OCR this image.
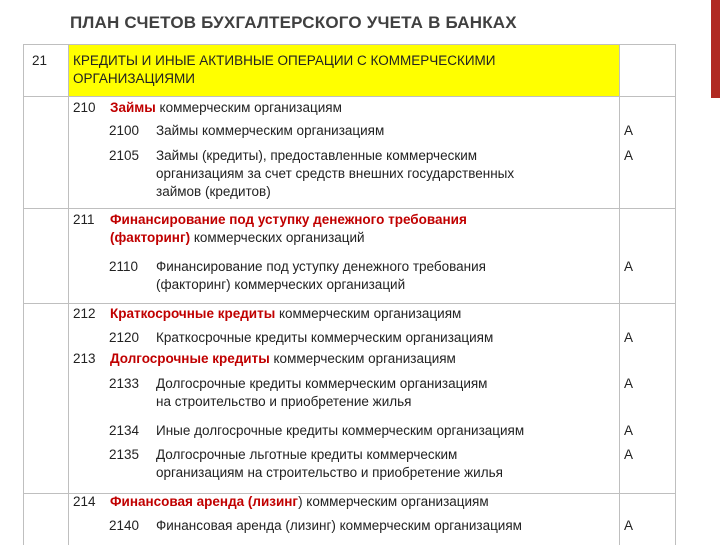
ПЛАН СЧЕТОВ БУХГАЛТЕРСКОГО УЧЕТА В БАНКАХ
21 КРЕДИТЫ И ИНЫЕ АКТИВНЫЕ ОПЕРАЦИИ С КОММЕРЧЕСКИМИ
ОРГАНИЗАЦИЯМИ
210 Займы коммерческим организациям
2100 Займы коммерческим организациям	А
2105 Займы (кредиты), предоставленные коммерческим
организациям за счет средств внешних государственных
займов (кредитов)
А
211 Финансирование под уступку денежного требования
(факторинг) коммерческих организаций
2110 Финансирование под уступку денежного требования
(факторинг) коммерческих организаций
А
212 Краткосрочные кредиты коммерческим организациям
2120 Краткосрочные кредиты коммерческим организациям	А
213 Долгосрочные кредиты коммерческим организациям
2133 Долгосрочные кредиты коммерческим организациям
на строительство и приобретение жилья
А
2134 Иные долгосрочные кредиты коммерческим организациям	А
2135 Долгосрочные льготные кредиты коммерческим
организациям на строительство и приобретение жилья
А
214 Финансовая аренда (лизинг) коммерческим организациям
2140 Финансовая аренда (лизинг) коммерческим организациям	А
